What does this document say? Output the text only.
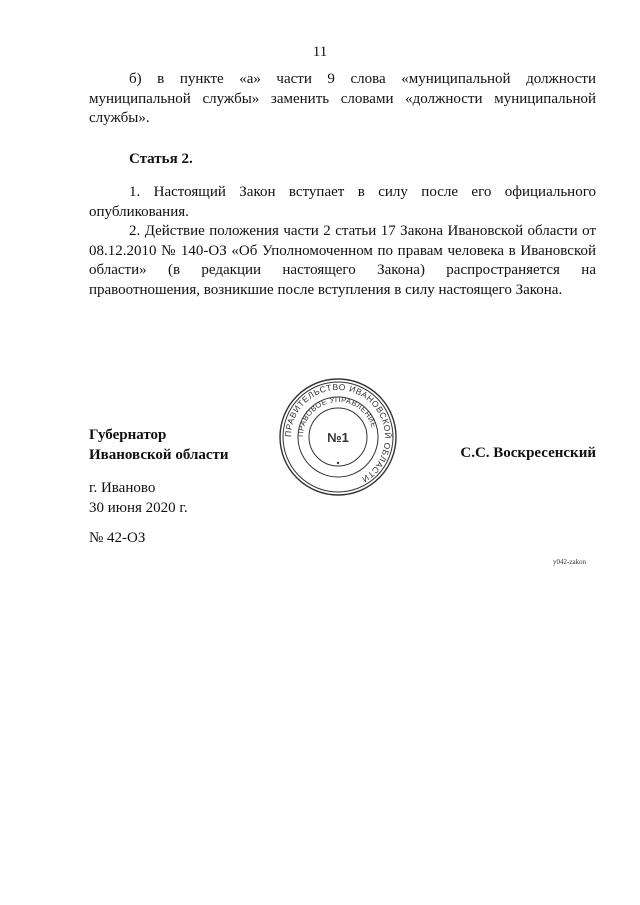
11

б) в пункте «а» части 9 слова «муниципальной должности муниципальной службы» заменить словами «должности муниципальной службы».

Статья 2.

1. Настоящий Закон вступает в силу после его официального опубликования.

2. Действие положения части 2 статьи 17 Закона Ивановской области от 08.12.2010 № 140-ОЗ «Об Уполномоченном по правам человека в Ивановской области» (в редакции настоящего Закона) распространяется на правоотношения, возникшие после вступления в силу настоящего Закона.

ПРАВИТЕЛЬСТВО ИВАНОВСКОЙ ОБЛАСТИ
ПРАВОВОЕ УПРАВЛЕНИЕ
№1
Губернатор
Ивановской области	С.С. Воскресенский
г. Иваново
30 июня 2020 г.
№ 42-ОЗ
у042-zakon
